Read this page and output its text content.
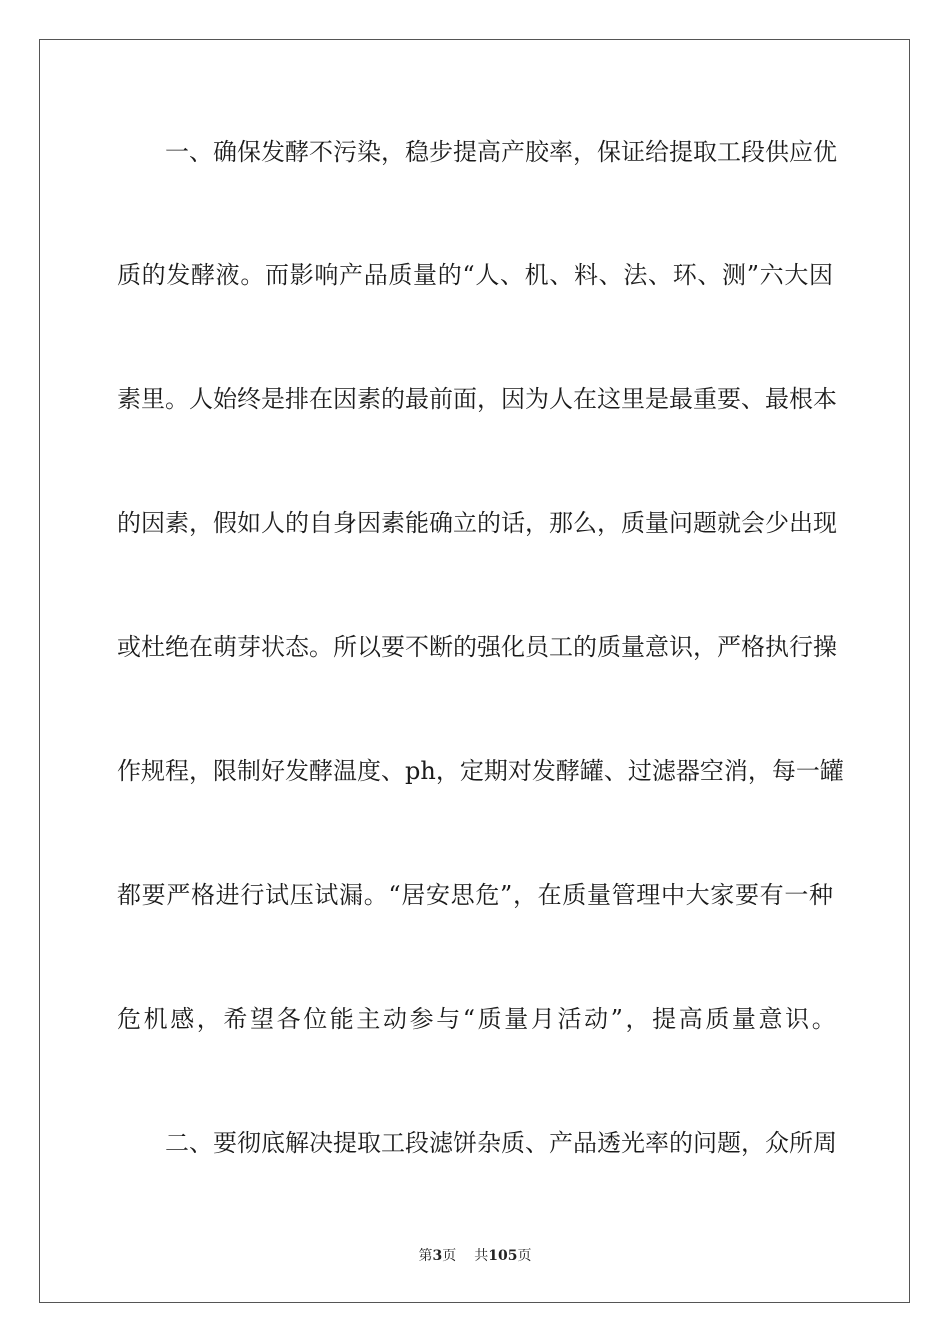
一、确保发酵不污染，稳步提高产胶率，保证给提取工段供应优
质的发酵液。而影响产品质量的“人、机、料、法、环、测”六大因
素里。人始终是排在因素的最前面，因为人在这里是最重要、最根本
的因素，假如人的自身因素能确立的话，那么，质量问题就会少出现
或杜绝在萌芽状态。所以要不断的强化员工的质量意识，严格执行操
作规程，限制好发酵温度、ph，定期对发酵罐、过滤器空消，每一罐
都要严格进行试压试漏。“居安思危”，在质量管理中大家要有一种
危机感，希望各位能主动参与“质量月活动”，提高质量意识。
二、要彻底解决提取工段滤饼杂质、产品透光率的问题，众所周
第3页 共105页
